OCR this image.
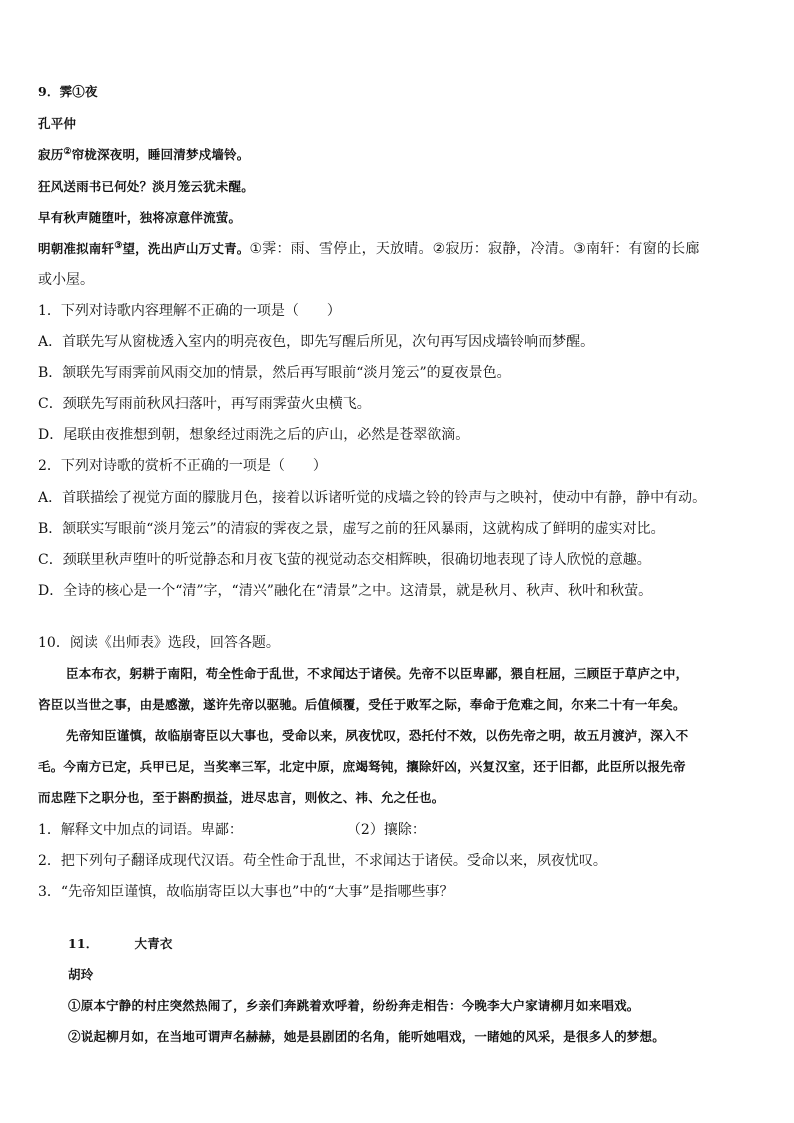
9．霁①夜
孔平仲
寂历②帘栊深夜明，睡回清梦戍墙铃。
狂风送雨书已何处？淡月笼云犹未醒。
早有秋声随堕叶，独将凉意伴流萤。
明朝准拟南轩③望，洗出庐山万丈青。①霁：雨、雪停止，天放晴。②寂历：寂静，冷清。③南轩：有窗的长廊
或小屋。
1．下列对诗歌内容理解不正确的一项是（　　）
A．首联先写从窗栊透入室内的明亮夜色，即先写醒后所见，次句再写因戍墙铃响而梦醒。
B．颔联先写雨霁前风雨交加的情景，然后再写眼前“淡月笼云”的夏夜景色。
C．颈联先写雨前秋风扫落叶，再写雨霁萤火虫横飞。
D．尾联由夜推想到朝，想象经过雨洗之后的庐山，必然是苍翠欲滴。
2．下列对诗歌的赏析不正确的一项是（　　）
A．首联描绘了视觉方面的朦胧月色，接着以诉诸听觉的戍墙之铃的铃声与之映衬，使动中有静，静中有动。
B．颔联实写眼前“淡月笼云”的清寂的霁夜之景，虚写之前的狂风暴雨，这就构成了鲜明的虚实对比。
C．颈联里秋声堕叶的听觉静态和月夜飞萤的视觉动态交相辉映，很确切地表现了诗人欣悦的意趣。
D．全诗的核心是一个“清”字，“清兴”融化在“清景”之中。这清景，就是秋月、秋声、秋叶和秋萤。
10．阅读《出师表》选段，回答各题。
臣本布衣，躬耕于南阳，苟全性命于乱世，不求闻达于诸侯。先帝不以臣卑鄙，猥自枉屈，三顾臣于草庐之中，
咨臣以当世之事，由是感激，遂许先帝以驱驰。后值倾覆，受任于败军之际，奉命于危难之间，尔来二十有一年矣。
先帝知臣谨慎，故临崩寄臣以大事也，受命以来，夙夜忧叹，恐托付不效，以伤先帝之明，故五月渡泸，深入不
毛。今南方已定，兵甲已足，当奖率三军，北定中原，庶竭驽钝，攘除奸凶，兴复汉室，还于旧都，此臣所以报先帝
而忠陛下之职分也，至于斟酌损益，进尽忠言，则攸之、祎、允之任也。
1．解释文中加点的词语。卑鄙：	（2）攘除：
2．把下列句子翻译成现代汉语。苟全性命于乱世，不求闻达于诸侯。受命以来，夙夜忧叹。
3．“先帝知臣谨慎，故临崩寄臣以大事也”中的“大事”是指哪些事？
11．	大青衣
胡玲
①原本宁静的村庄突然热闹了，乡亲们奔跳着欢呼着，纷纷奔走相告：今晚李大户家请柳月如来唱戏。
②说起柳月如，在当地可谓声名赫赫，她是县剧团的名角，能听她唱戏，一睹她的风采，是很多人的梦想。
